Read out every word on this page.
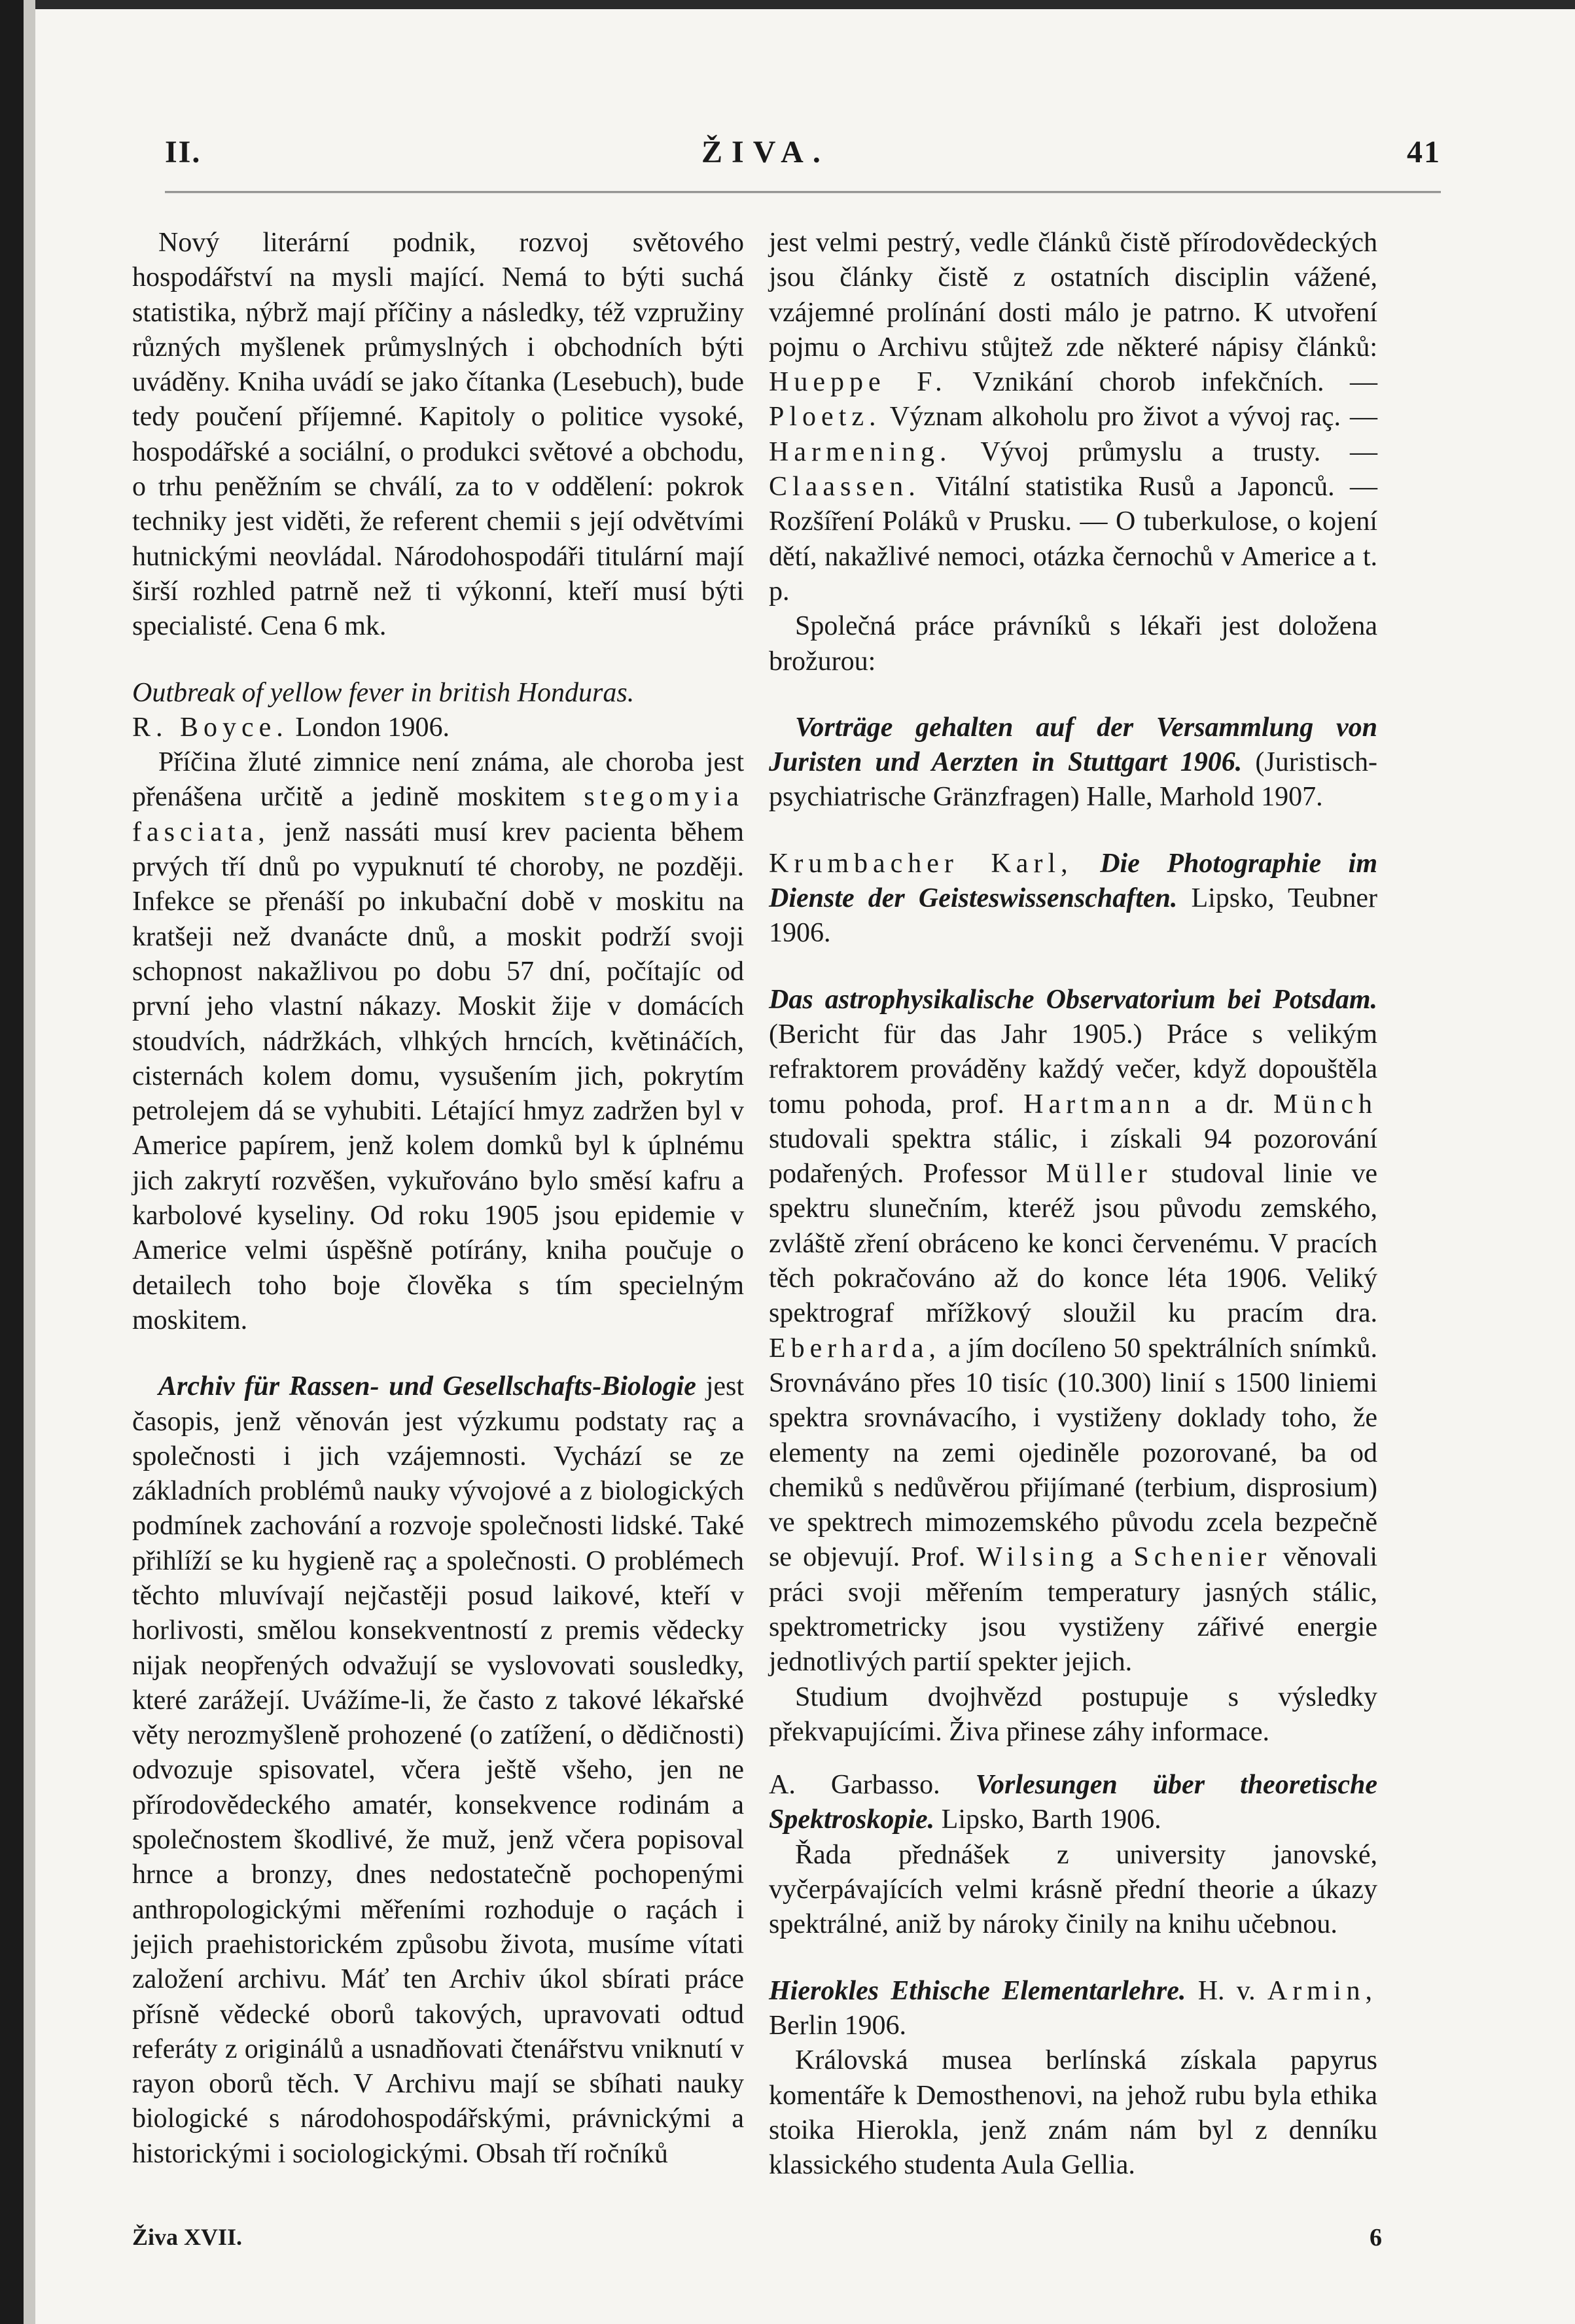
II.	ŽIVA.	41

Nový literární podnik, rozvoj světového hospodářství na mysli mající. Nemá to býti suchá statistika, nýbrž mají příčiny a následky, též vzpružiny různých myšlenek průmyslných i obchodních býti uváděny. Kniha uvádí se jako čítanka (Lesebuch), bude tedy poučení příjemné. Kapitoly o politice vysoké, hospodářské a sociální, o produkci světové a obchodu, o trhu peněžním se chválí, za to v oddělení: pokrok techniky jest viděti, že referent chemii s její odvětvími hutnickými neovládal. Národohospodáři titulární mají širší rozhled patrně než ti výkonní, kteří musí býti specialisté. Cena 6 mk.

Outbreak of yellow fever in british Honduras.
R. Boyce. London 1906.

Příčina žluté zimnice není známa, ale choroba jest přenášena určitě a jedině moskitem stegomyia fasciata, jenž nassáti musí krev pacienta během prvých tří dnů po vypuknutí té choroby, ne později. Infekce se přenáší po inkubační době v moskitu na kratšeji než dvanácte dnů, a moskit podrží svoji schopnost nakažlivou po dobu 57 dní, počítajíc od první jeho vlastní nákazy. Moskit žije v domácích stoudvích, nádržkách, vlhkých hrncích, květináčích, cisternách kolem domu, vysušením jich, pokrytím petrolejem dá se vyhubiti. Létající hmyz zadržen byl v Americe papírem, jenž kolem domků byl k úplnému jich zakrytí rozvěšen, vykuřováno bylo směsí kafru a karbolové kyseliny. Od roku 1905 jsou epidemie v Americe velmi úspěšně potírány, kniha poučuje o detailech toho boje člověka s tím specielným moskitem.

Archiv für Rassen- und Gesellschafts-Biologie jest časopis, jenž věnován jest výzkumu podstaty raç a společnosti i jich vzájemnosti. Vychází se ze základních problémů nauky vývojové a z biologických podmínek zachování a rozvoje společnosti lidské. Také přihlíží se ku hygieně raç a společnosti. O problémech těchto mluvívají nejčastěji posud laikové, kteří v horlivosti, smělou konsekventností z premis vědecky nijak neopřených odvažují se vyslovovati sousledky, které zarážejí. Uvážíme-li, že často z takové lékařské věty nerozmyšleně prohozené (o zatížení, o dědičnosti) odvozuje spisovatel, včera ještě všeho, jen ne přírodovědeckého amatér, konsekvence rodinám a společnostem škodlivé, že muž, jenž včera popisoval hrnce a bronzy, dnes nedostatečně pochopenými anthropologickými měřeními rozhoduje o raçách i jejich praehistorickém způsobu života, musíme vítati založení archivu. Máť ten Archiv úkol sbírati práce přísně vědecké oborů takových, upravovati odtud referáty z originálů a usnadňovati čtenářstvu vniknutí v rayon oborů těch. V Archivu mají se sbíhati nauky biologické s národohospodářskými, právnickými a historickými i sociologickými. Obsah tří ročníků

jest velmi pestrý, vedle článků čistě přírodovědeckých jsou články čistě z ostatních disciplin vážené, vzájemné prolínání dosti málo je patrno. K utvoření pojmu o Archivu stůjtež zde některé nápisy článků: Hueppe F. Vznikání chorob infekčních. — Ploetz. Význam alkoholu pro život a vývoj raç. — Harmening. Vývoj průmyslu a trusty. — Claassen. Vitální statistika Rusů a Japonců. — Rozšíření Poláků v Prusku. — O tuberkulose, o kojení dětí, nakažlivé nemoci, otázka černochů v Americe a t. p.

Společná práce právníků s lékaři jest doložena brožurou:

Vorträge gehalten auf der Versammlung von Juristen und Aerzten in Stuttgart 1906. (Juristisch-psychiatrische Gränzfragen) Halle, Marhold 1907.

Krumbacher Karl, Die Photographie im Dienste der Geisteswissenschaften. Lipsko, Teubner 1906.

Das astrophysikalische Observatorium bei Potsdam. (Bericht für das Jahr 1905.) Práce s velikým refraktorem prováděny každý večer, když dopouštěla tomu pohoda, prof. Hartmann a dr. Münch studovali spektra stálic, i získali 94 pozorování podařených. Professor Müller studoval linie ve spektru slunečním, kteréž jsou původu zemského, zvláště zření obráceno ke konci červenému. V pracích těch pokračováno až do konce léta 1906. Veliký spektrograf mřížkový sloužil ku pracím dra. Eberharda, a jím docíleno 50 spektrálních snímků. Srovnáváno přes 10 tisíc (10.300) linií s 1500 liniemi spektra srovnávacího, i vystiženy doklady toho, že elementy na zemi ojediněle pozorované, ba od chemiků s nedůvěrou přijímané (terbium, disprosium) ve spektrech mimozemského původu zcela bezpečně se objevují. Prof. Wilsing a Schenier věnovali práci svoji měřením temperatury jasných stálic, spektrometricky jsou vystiženy zářivé energie jednotlivých partií spekter jejich.

Studium dvojhvězd postupuje s výsledky překvapujícími. Živa přinese záhy informace.

A. Garbasso. Vorlesungen über theoretische Spektroskopie. Lipsko, Barth 1906.

Řada přednášek z university janovské, vyčerpávajících velmi krásně přední theorie a úkazy spektrálné, aniž by nároky činily na knihu učebnou.

Hierokles Ethische Elementarlehre. H. v. Armin, Berlin 1906.

Královská musea berlínská získala papyrus komentáře k Demosthenovi, na jehož rubu byla ethika stoika Hierokla, jenž znám nám byl z denníku klassického studenta Aula Gellia.

Živa XVII.	6
